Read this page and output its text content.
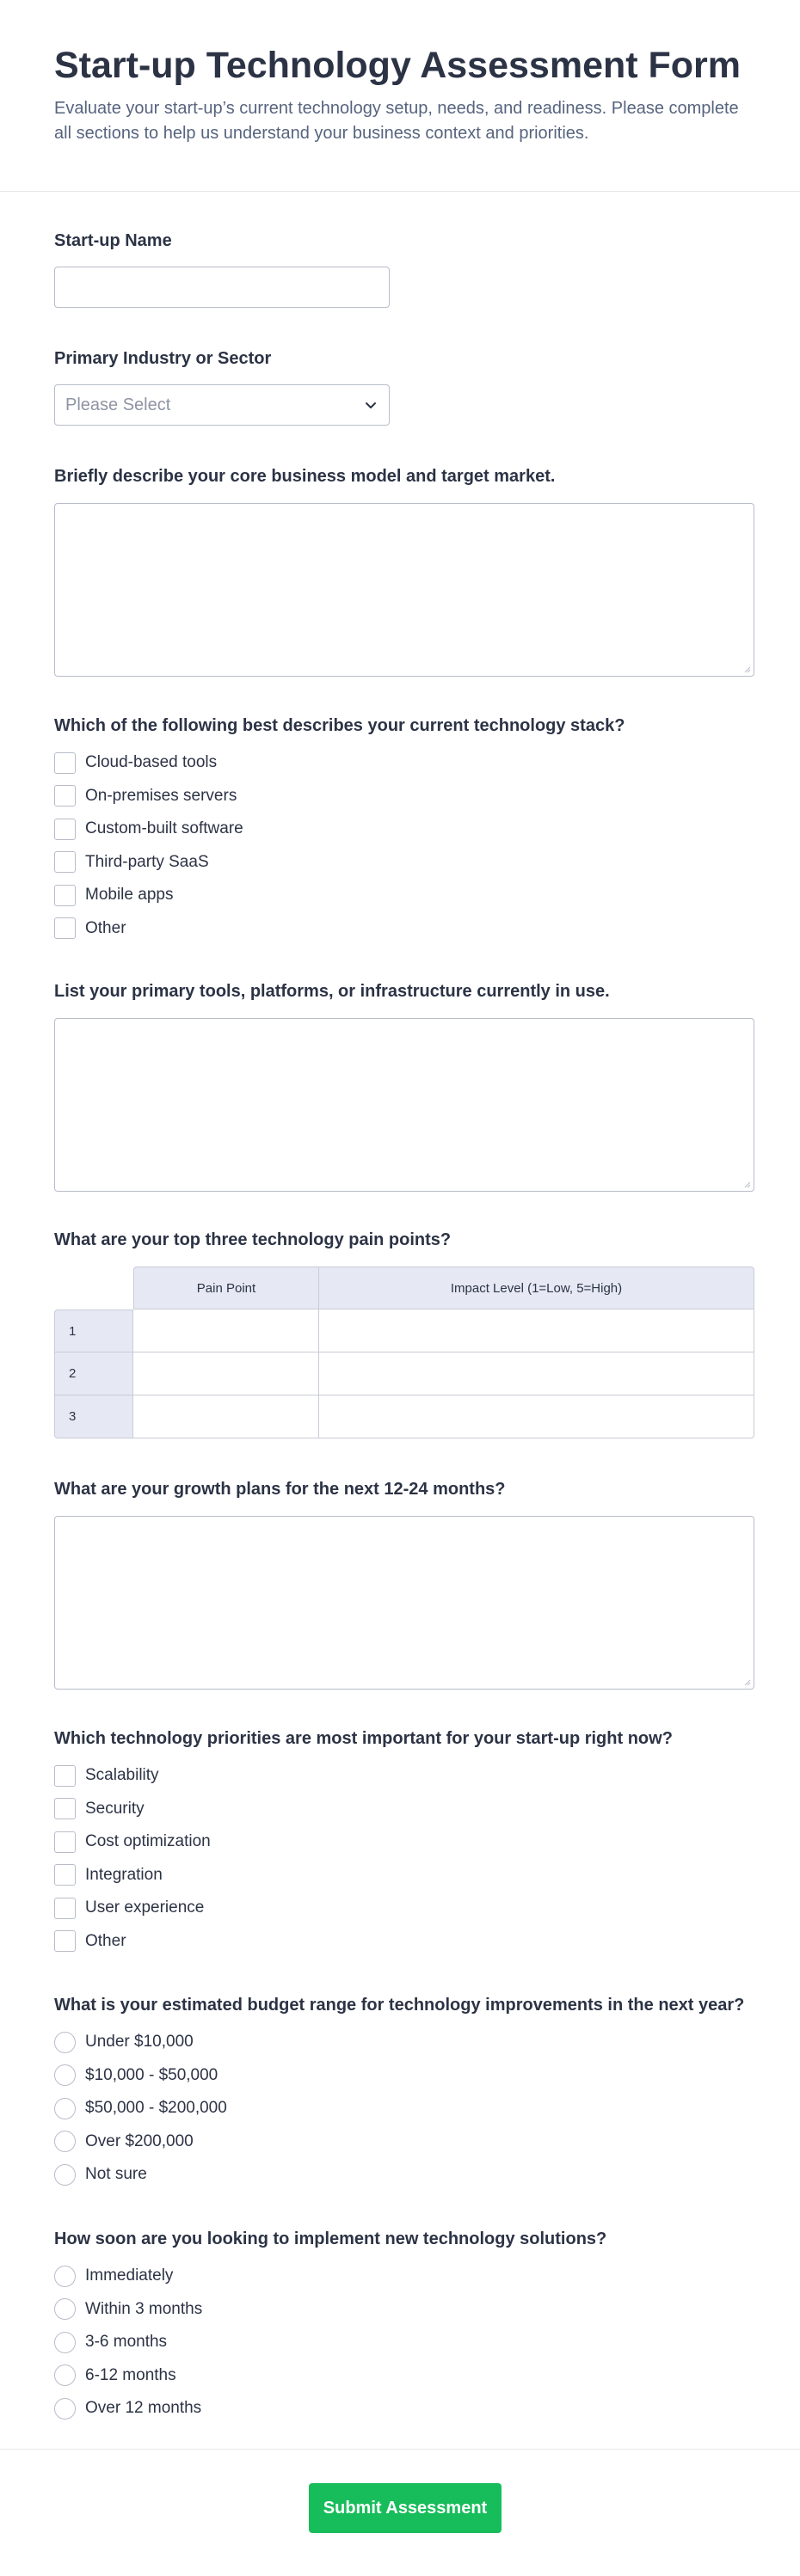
Start-up Technology Assessment Form

Evaluate your start-up’s current technology setup, needs, and readiness. Please complete all sections to help us understand your business context and priorities.

Start-up Name
Primary Industry or Sector
Please Select
Briefly describe your core business model and target market.
Which of the following best describes your current technology stack?
Cloud-based tools
On-premises servers
Custom-built software
Third-party SaaS
Mobile apps
Other
List your primary tools, platforms, or infrastructure currently in use.
What are your top three technology pain points?
	Pain Point	Impact Level (1=Low, 5=High)
1		
2		
3		
What are your growth plans for the next 12-24 months?
Which technology priorities are most important for your start-up right now?
Scalability
Security
Cost optimization
Integration
User experience
Other
What is your estimated budget range for technology improvements in the next year?
Under $10,000
$10,000 - $50,000
$50,000 - $200,000
Over $200,000
Not sure
How soon are you looking to implement new technology solutions?
Immediately
Within 3 months
3-6 months
6-12 months
Over 12 months
Submit Assessment
